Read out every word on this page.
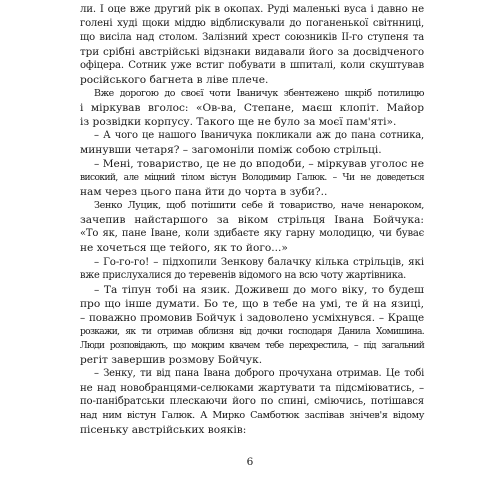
ли. І оце вже другий рік в окопах. Руді маленькі вуса і давно не
голені худі щоки міддю відблискували до поганенької світнниці,
що висіла над столом. Залізний хрест союзників ІІ-го ступеня та
три срібні австрійські відзнаки видавали його за досвідченого
офіцера. Сотник уже встиг побувати в шпиталі, коли скуштував
російського багнета в ліве плече.
Вже дорогою до своєї чоти Іваничук збентежено шкріб потилицю
і міркував вголос: «Ов-ва, Степане, маєш клопіт. Майор
із розвідки корпусу. Такого ще не було за моєї пам'яті».
– А чого це нашого Іваничука покликали аж до пана сотника,
минувши четаря? – загомоніли поміж собою стрільці.
– Мені, товариство, це не до вподоби, – міркував уголос не
високий, але міцний тілом вістун Володимир Галюк. – Чи не доведеться
нам через цього пана йти до чорта в зуби?..
Зенко Луцик, щоб потішити себе й товариство, наче ненароком,
зачепив найстаршого за віком стрільця Івана Бойчука:
«То як, пане Іване, коли здибаєте яку гарну молодицю, чи буває
не хочеться ще тейого, як то його...»
– Го-го-го! – підхопили Зенкову балачку кілька стрільців, які
вже прислухалися до теревенів відомого на всю чоту жартівника.
– Та тіпун тобі на язик. Доживеш до мого віку, то будеш
про що інше думати. Бо те, що в тебе на умі, те й на язиці,
– поважно промовив Бойчук і задоволено усміхнувся. – Краще
розкажи, як ти отримав облизня від дочки господаря Данила Хомишина.
Люди розповідають, що мокрим квачем тебе перехрестила, – під загальний
регіт завершив розмову Бойчук.
– Зенку, ти від пана Івана доброго прочухана отримав. Це тобі
не над новобранцями-селюками жартувати та підсміюватись, –
по-панібратськи плескаючи його по спині, сміючись, потішався
над ним вістун Галюк. А Мирко Самботюк заспівав знічев'я відому
пісеньку австрійських вояків:
6
